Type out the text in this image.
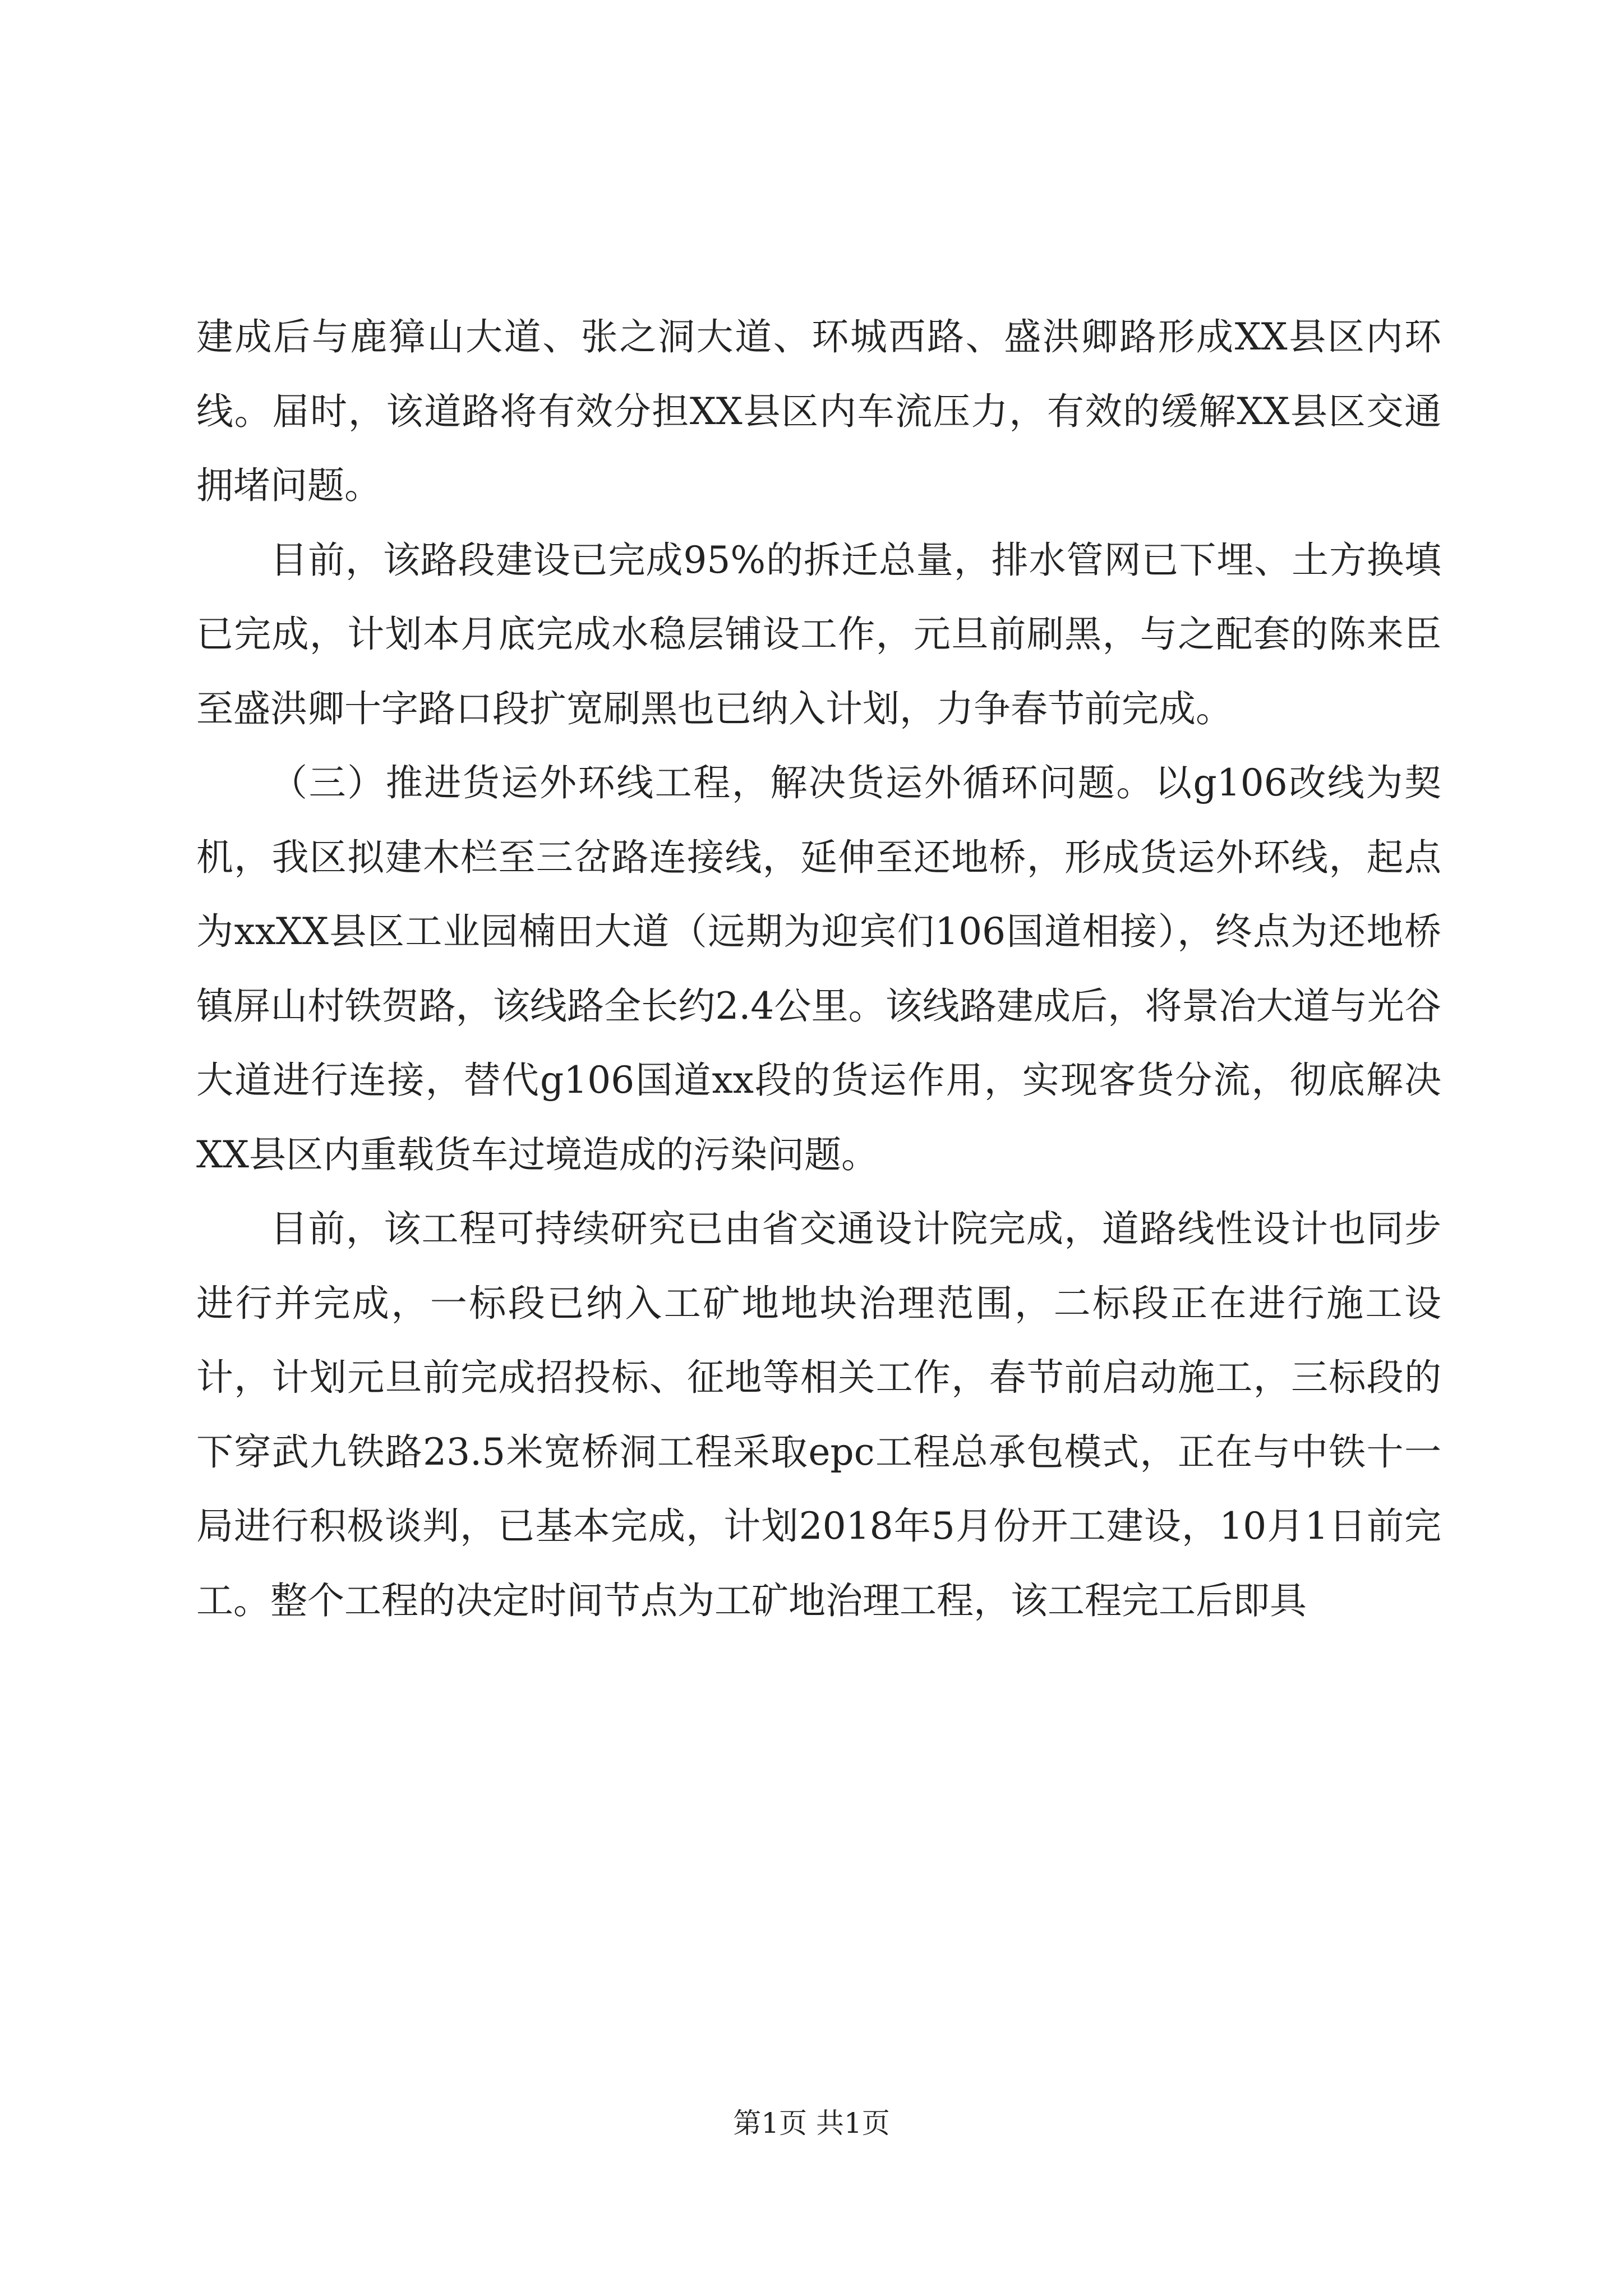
建成后与鹿獐山大道、张之洞大道、环城西路、盛洪卿路形成XX县区内环线。届时，该道路将有效分担XX县区内车流压力，有效的缓解XX县区交通拥堵问题。

目前，该路段建设已完成95%的拆迁总量，排水管网已下埋、土方换填已完成，计划本月底完成水稳层铺设工作，元旦前刷黑，与之配套的陈来臣至盛洪卿十字路口段扩宽刷黑也已纳入计划，力争春节前完成。

（三）推进货运外环线工程，解决货运外循环问题。以g106改线为契机，我区拟建木栏至三岔路连接线，延伸至还地桥，形成货运外环线，起点为xxXX县区工业园楠田大道（远期为迎宾们106国道相接），终点为还地桥镇屏山村铁贺路，该线路全长约2.4公里。该线路建成后，将景冶大道与光谷大道进行连接，替代g106国道xx段的货运作用，实现客货分流，彻底解决XX县区内重载货车过境造成的污染问题。

目前，该工程可持续研究已由省交通设计院完成，道路线性设计也同步进行并完成，一标段已纳入工矿地地块治理范围，二标段正在进行施工设计，计划元旦前完成招投标、征地等相关工作，春节前启动施工，三标段的下穿武九铁路23.5米宽桥洞工程采取epc工程总承包模式，正在与中铁十一局进行积极谈判，已基本完成，计划2018年5月份开工建设，10月1日前完工。整个工程的决定时间节点为工矿地治理工程，该工程完工后即具

第1页 共1页
